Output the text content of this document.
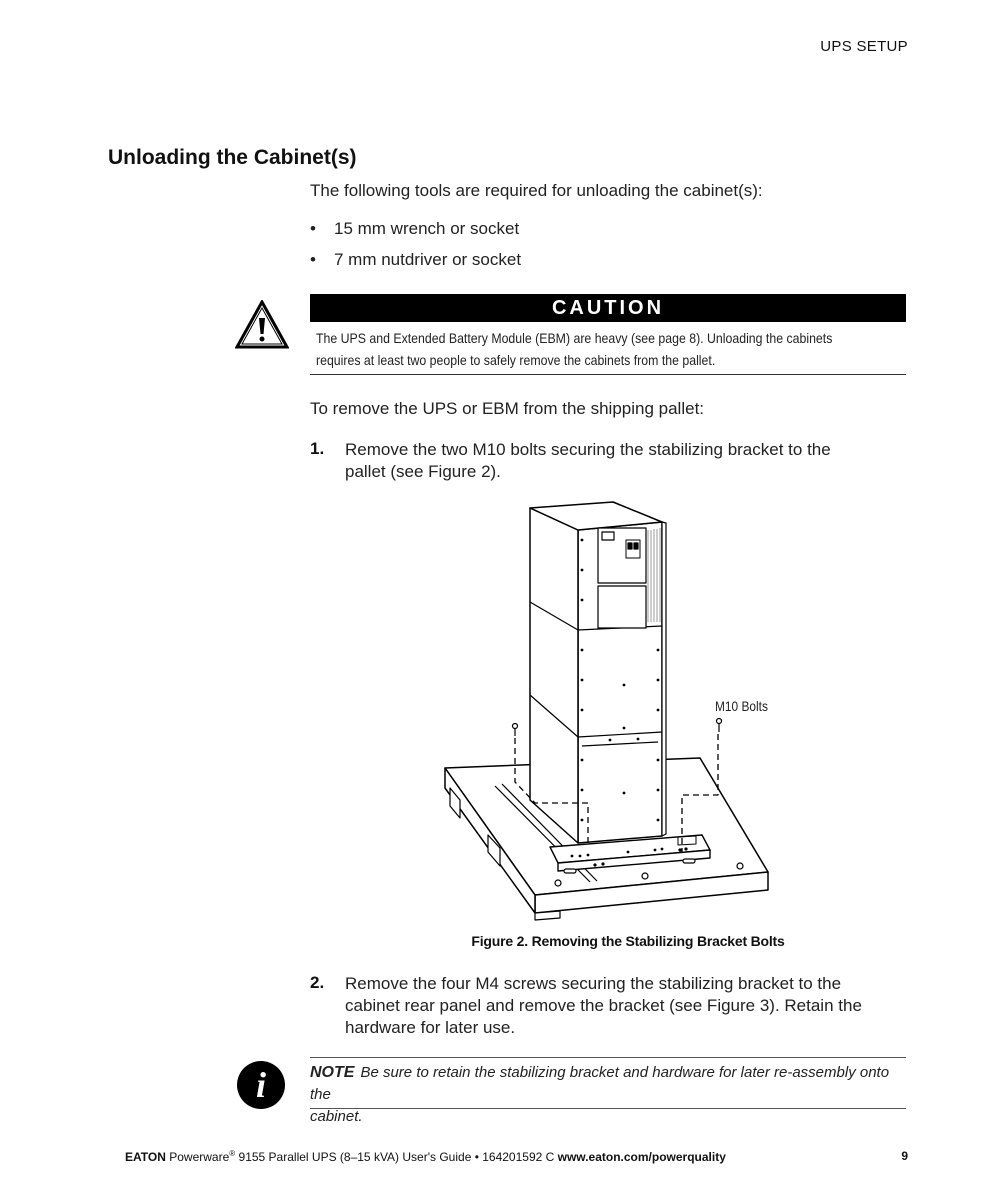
UPS SETUP
Unloading the Cabinet(s)
The following tools are required for unloading the cabinet(s):
• 15 mm wrench or socket
• 7 mm nutdriver or socket
CAUTION
The UPS and Extended Battery Module (EBM) are heavy (see page 8). Unloading the cabinets
requires at least two people to safely remove the cabinets from the pallet.
To remove the UPS or EBM from the shipping pallet:
1. Remove the two M10 bolts securing the stabilizing bracket to the
pallet (see Figure 2).
M10 Bolts
Figure 2. Removing the Stabilizing Bracket Bolts
2. Remove the four M4 screws securing the stabilizing bracket to the
cabinet rear panel and remove the bracket (see Figure 3). Retain the
hardware for later use.
i	NOTE Be sure to retain the stabilizing bracket and hardware for later re-assembly onto the
cabinet.
EATON Powerware® 9155 Parallel UPS (8–15 kVA) User's Guide • 164201592 C www.eaton.com/powerquality	9
